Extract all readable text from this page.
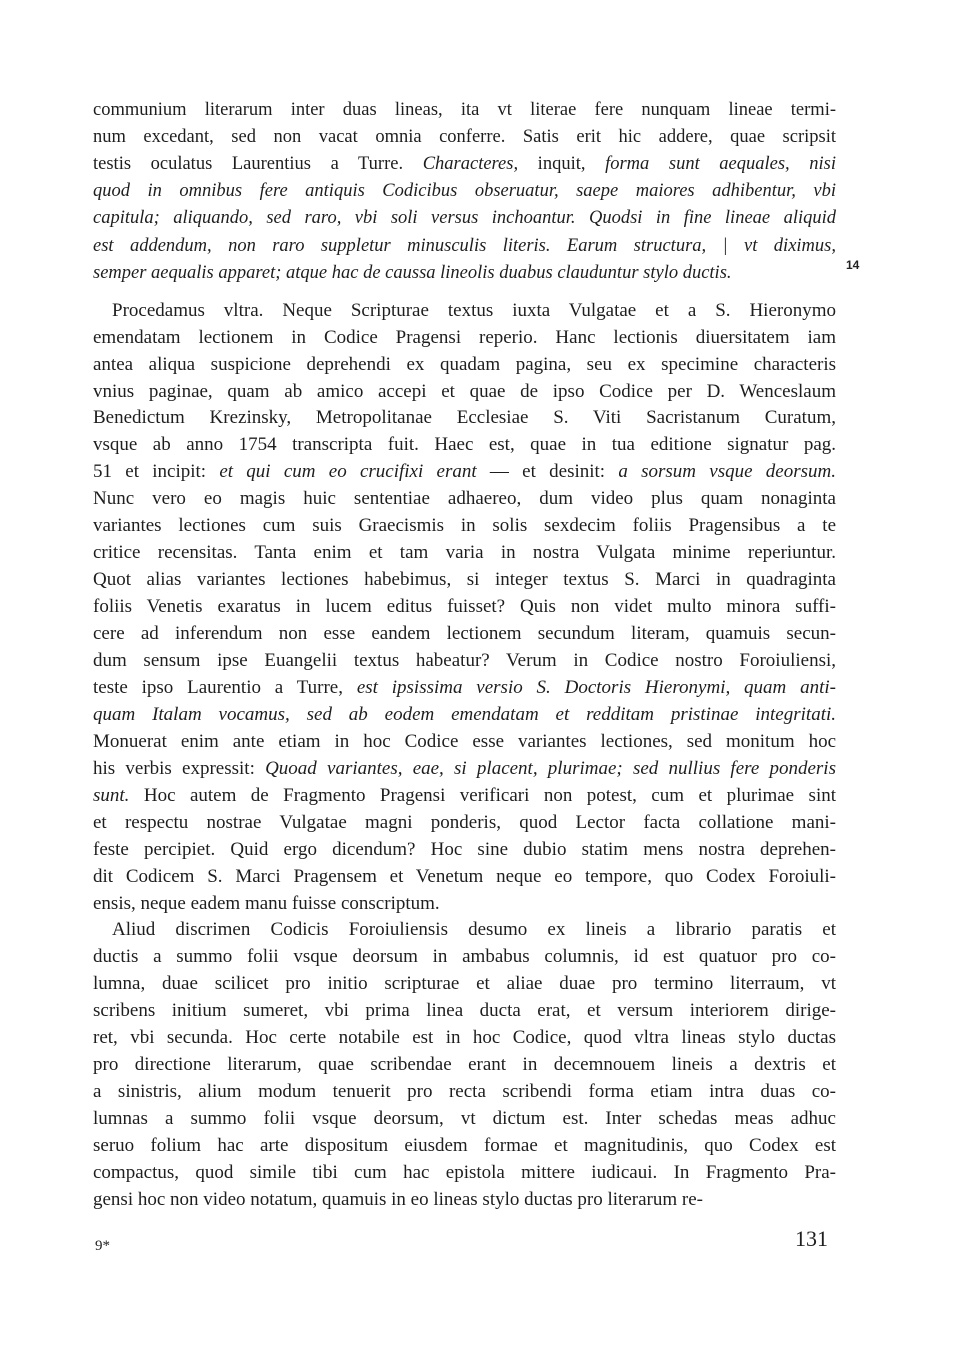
communium literarum inter duas lineas, ita vt literae fere nunquam lineae termi-
num excedant, sed non vacat omnia conferre. Satis erit hic addere, quae scripsit
testis oculatus Laurentius a Turre. Characteres, inquit, forma sunt aequales, nisi
quod in omnibus fere antiquis Codicibus obseruatur, saepe maiores adhibentur, vbi
capitula; aliquando, sed raro, vbi soli versus inchoantur. Quodsi in fine lineae aliquid
est addendum, non raro suppletur minusculis literis. Earum structura, | vt diximus,
semper aequalis apparet; atque hac de caussa lineolis duabus clauduntur stylo ductis.
 Procedamus vltra. Neque Scripturae textus iuxta Vulgatae et a S. Hieronymo
emendatam lectionem in Codice Pragensi reperio. Hanc lectionis diuersitatem iam
antea aliqua suspicione deprehendi ex quadam pagina, seu ex specimine characteris
vnius paginae, quam ab amico accepi et quae de ipso Codice per D. Wenceslaum
Benedictum Krezinsky, Metropolitanae Ecclesiae S. Viti Sacristanum Curatum,
vsque ab anno 1754 transcripta fuit. Haec est, quae in tua editione signatur pag.
51 et incipit: et qui cum eo crucifixi erant — et desinit: a sorsum vsque deorsum.
Nunc vero eo magis huic sententiae adhaereo, dum video plus quam nonaginta
variantes lectiones cum suis Graecismis in solis sexdecim foliis Pragensibus a te
critice recensitas. Tanta enim et tam varia in nostra Vulgata minime reperiuntur.
Quot alias variantes lectiones habebimus, si integer textus S. Marci in quadraginta
foliis Venetis exaratus in lucem editus fuisset? Quis non videt multo minora suffi-
cere ad inferendum non esse eandem lectionem secundum literam, quamuis secun-
dum sensum ipse Euangelii textus habeatur? Verum in Codice nostro Foroiuliensi,
teste ipso Laurentio a Turre, est ipsissima versio S. Doctoris Hieronymi, quam anti-
quam Italam vocamus, sed ab eodem emendatam et redditam pristinae integritati.
Monuerat enim ante etiam in hoc Codice esse variantes lectiones, sed monitum hoc
his verbis expressit: Quoad variantes, eae, si placent, plurimae; sed nullius fere ponderis
sunt. Hoc autem de Fragmento Pragensi verificari non potest, cum et plurimae sint
et respectu nostrae Vulgatae magni ponderis, quod Lector facta collatione mani-
feste percipiet. Quid ergo dicendum? Hoc sine dubio statim mens nostra deprehen-
dit Codicem S. Marci Pragensem et Venetum neque eo tempore, quo Codex Foroiuli-
ensis, neque eadem manu fuisse conscriptum.
 Aliud discrimen Codicis Foroiuliensis desumo ex lineis a librario paratis et
ductis a summo folii vsque deorsum in ambabus columnis, id est quatuor pro co-
lumna, duae scilicet pro initio scripturae et aliae duae pro termino literraum, vt
scribens initium sumeret, vbi prima linea ducta erat, et versum interiorem dirige-
ret, vbi secunda. Hoc certe notabile est in hoc Codice, quod vltra lineas stylo ductas
pro directione literarum, quae scribendae erant in decemnouem lineis a dextris et
a sinistris, alium modum tenuerit pro recta scribendi forma etiam intra duas co-
lumnas a summo folii vsque deorsum, vt dictum est. Inter schedas meas adhuc
seruo folium hac arte dispositum eiusdem formae et magnitudinis, quo Codex est
compactus, quod simile tibi cum hac epistola mittere iudicaui. In Fragmento Pra-
gensi hoc non video notatum, quamuis in eo lineas stylo ductas pro literarum re-
14
9*	131
